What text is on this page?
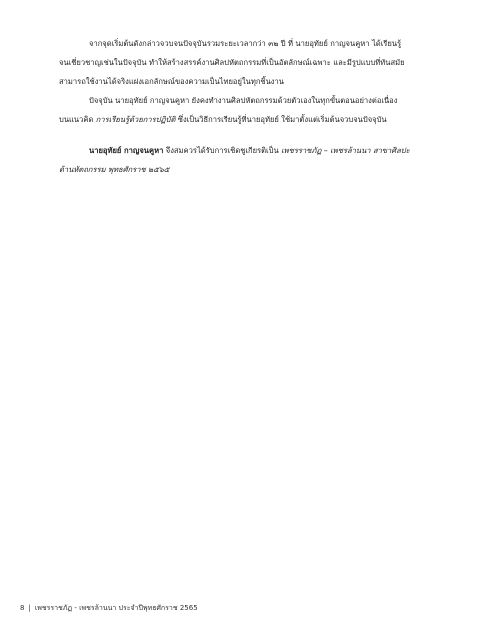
จากจุดเริ่มต้นดังกล่าวจวบจนปัจจุบันรวมระยะเวลากว่า ๓๒ ปี ที่ นายอุทัยย์ กาญจนคูหา ได้เรียนรู้
จนเชี่ยวชาญเช่นในปัจจุบัน ทำให้สร้างสรรค์งานศิลปหัตถกรรมที่เป็นอัตลักษณ์เฉพาะ และมีรูปแบบที่ทันสมัย
สามารถใช้งานได้จริงแฝงเอกลักษณ์ของความเป็นไทยอยู่ในทุกชิ้นงาน
ปัจจุบัน นายอุทัยย์ กาญจนคูหา ยังคงทำงานศิลปหัตถกรรมด้วยตัวเองในทุกขั้นตอนอย่างต่อเนื่อง
บนแนวคิด การเรียนรู้ด้วยการปฏิบัติ ซึ่งเป็นวิธีการเรียนรู้ที่นายอุทัยย์ ใช้มาตั้งแต่เริ่มต้นจวบจนปัจจุบัน
นายอุทัยย์ กาญจนคูหา จึงสมควรได้รับการเชิดชูเกียรติเป็น เพชรราชภัฏ – เพชรล้านนา สาขาศิลปะ
ด้านหัตถกรรม พุทธศักราช ๒๕๖๕
8 | เพชรราชภัฏ - เพชรล้านนา ประจำปีพุทธศักราช 2565
